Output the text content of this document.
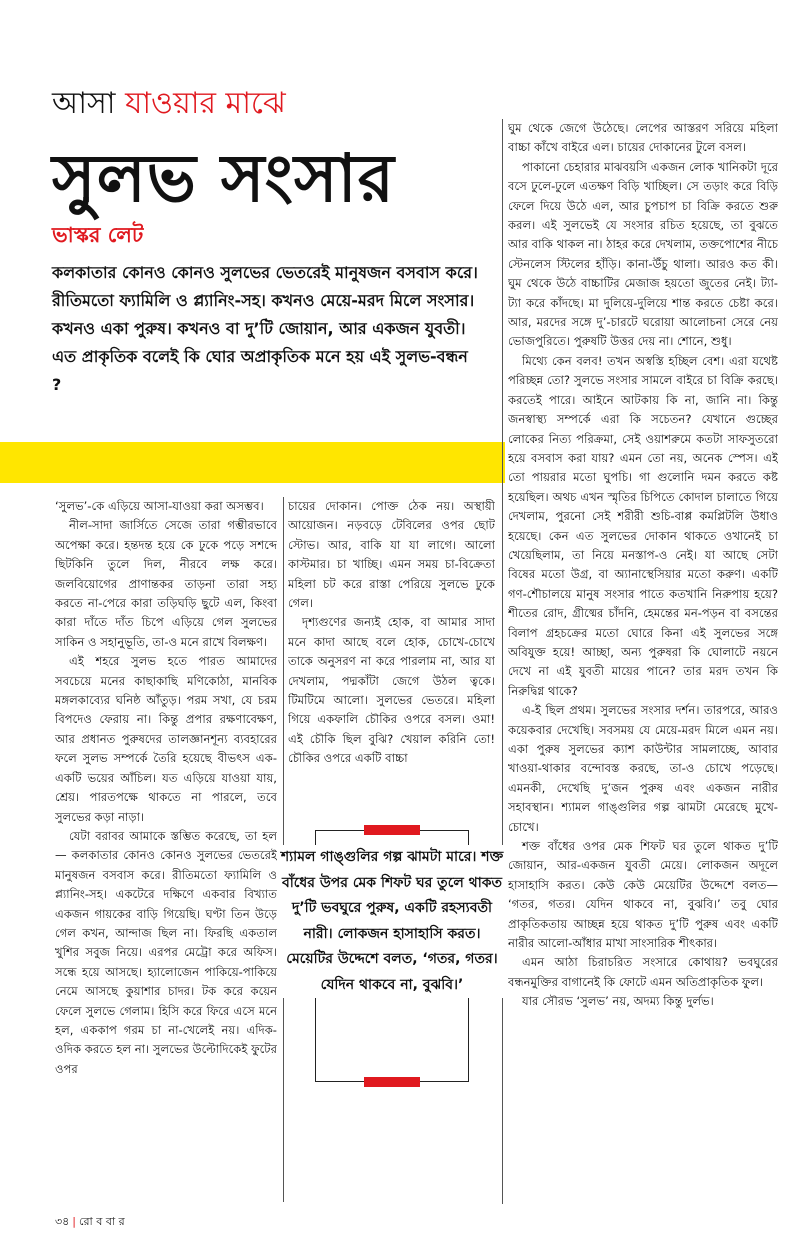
আসা যাওয়ার মাঝে
সুলভ সংসার
ভাস্কর লেট
কলকাতার কোনও কোনও সুলভের ভেতরেই মানুষজন বসবাস করে। রীতিমতো ফ্যামিলি ও প্ল্যানিং-সহ। কখনও মেয়ে-মরদ মিলে সংসার। কখনও একা পুরুষ। কখনও বা দু’টি জোয়ান, আর একজন যুবতী। এত প্রাকৃতিক বলেই কি ঘোর অপ্রাকৃতিক মনে হয় এই সুলভ-বন্ধন ?

‘সুলভ’-কে এড়িয়ে আসা-যাওয়া করা অসম্ভব।

নীল-সাদা জার্সিতে সেজে তারা গম্ভীরভাবে অপেক্ষা করে। হন্তদন্ত হয়ে কে ঢুকে পড়ে সশব্দে ছিটকিনি তুলে দিল, নীরবে লক্ষ করে। জলবিয়োগের প্রাণান্তকর তাড়না তারা সহ্য করতে না-পেরে কারা তড়িঘড়ি ছুটে এল, কিংবা কারা দাঁতে দাঁত চিপে এড়িয়ে গেল সুলভের সাকিন ও সহানুভূতি, তা-ও মনে রাখে বিলক্ষণ।

এই শহরে সুলভ হতে পারত আমাদের সবচেয়ে মনের কাছাকাছি মণিকোঠা, মানবিক মঙ্গলকাব্যের ঘনিষ্ঠ আঁতুড়। পরম সখা, যে চরম বিপদেও ফেরায় না। কিন্তু প্রপার রক্ষণাবেক্ষণ, আর প্রধানত পুরুষদের তালজ্ঞানশূন্য ব্যবহারের ফলে সুলভ সম্পর্কে তৈরি হয়েছে বীভৎস এক-একটি ভয়ের আঁচিল। যত এড়িয়ে যাওয়া যায়, শ্রেয়। পারতপক্ষে থাকতে না পারলে, তবে সুলভের কড়া নাড়া।

যেটা বরাবর আমাকে স্তম্ভিত করেছে, তা হল— কলকাতার কোনও কোনও সুলভের ভেতরেই মানুষজন বসবাস করে। রীতিমতো ফ্যামিলি ও প্ল্যানিং-সহ। একটেরে দক্ষিণে একবার বিখ্যাত একজন গায়কের বাড়ি গিয়েছি। ঘণ্টা তিন উড়ে গেল কখন, আন্দাজ ছিল না। ফিরছি একতাল খুশির সবুজ নিয়ে। এরপর মেট্রো করে অফিস। সন্ধে হয়ে আসছে। হ্যালোজেন পাকিয়ে-পাকিয়ে নেমে আসছে কুয়াশার চাদর। টক করে কয়েন ফেলে সুলভে গেলাম। হিসি করে ফিরে এসে মনে হল, এককাপ গরম চা না-খেলেই নয়। এদিক-ওদিক করতে হল না। সুলভের উল্টোদিকেই ফুটের ওপর

চায়ের দোকান। পোক্ত ঠেক নয়। অস্থায়ী আয়োজন। নড়বড়ে টেবিলের ওপর ছোট স্টোভ। আর, বাকি যা যা লাগে। আলো কাস্টমার। চা খাচ্ছি। এমন সময় চা-বিক্রেতা মহিলা চট করে রাস্তা পেরিয়ে সুলভে ঢুকে গেল।

দৃশ্যগুণের জন্যই হোক, বা আমার সাদা মনে কাদা আছে বলে হোক, চোখে-চোখে তাকে অনুসরণ না করে পারলাম না, আর যা দেখলাম, পদ্মকাঁটা জেগে উঠল ত্বকে। টিমটিমে আলো। সুলভের ভেতরে। মহিলা গিয়ে একফালি চৌকির ওপরে বসল। ওমা! এই চৌকি ছিল বুঝি? খেয়াল করিনি তো! চৌকির ওপরে একটি বাচ্চা

শ্যামল গাঙ্গুলির গল্প ঝামটা মারে। শক্ত বাঁধের উপর মেক শিফট ঘর তুলে থাকত দু’টি ভবঘুরে পুরুষ, একটি রহস্যবতী নারী। লোকজন হাসাহাসি করত। মেয়েটির উদ্দেশে বলত, ‘গতর, গতর। যেদিন থাকবে না, বুঝবি।’

ঘুম থেকে জেগে উঠেছে। লেপের আস্তরণ সরিয়ে মহিলা বাচ্চা কাঁখে বাইরে এল। চায়ের দোকানের টুলে বসল।

পাকানো চেহারার মাঝবয়সি একজন লোক খানিকটা দূরে বসে ঢুলে-ঢুলে এতক্ষণ বিড়ি খাচ্ছিল। সে তড়াং করে বিড়ি ফেলে দিয়ে উঠে এল, আর চুপচাপ চা বিক্রি করতে শুরু করল। এই সুলভেই যে সংসার রচিত হয়েছে, তা বুঝতে আর বাকি থাকল না। ঠাহর করে দেখলাম, তক্তপোশের নীচে স্টেনলেস স্টিলের হাঁড়ি। কানা-উঁচু থালা। আরও কত কী। ঘুম থেকে উঠে বাচ্চাটির মেজাজ হয়তো জুতের নেই। ট্যা-ট্যা করে কাঁদছে। মা দুলিয়ে-দুলিয়ে শান্ত করতে চেষ্টা করে। আর, মরদের সঙ্গে দু’-চারটে ঘরোয়া আলোচনা সেরে নেয় ভোজপুরিতে। পুরুষটি উত্তর দেয় না। শোনে, শুধু।

মিথ্যে কেন বলব! তখন অস্বস্তি হচ্ছিল বেশ। এরা যথেষ্ট পরিচ্ছন্ন তো? সুলভে সংসার সামলে বাইরে চা বিক্রি করছে। করতেই পারে। আইনে আটকায় কি না, জানি না। কিন্তু জনস্বাস্থ্য সম্পর্কে এরা কি সচেতন? যেখানে গুচ্ছের লোকের নিত্য পরিক্রমা, সেই ওয়াশরুমে কতটা সাফসুতরো হয়ে বসবাস করা যায়? এমন তো নয়, অনেক স্পেস। এই তো পায়রার মতো ঘুপচি। গা গুলোনি দমন করতে কষ্ট হয়েছিল। অথচ এখন স্মৃতির চিপিতে কোদাল চালাতে গিয়ে দেখলাম, পুরনো সেই শরীরী শুচি-বাপ্প কমপ্লিটলি উধাও হয়েছে। কেন এত সুলভের দোকান থাকতে ওখানেই চা খেয়েছিলাম, তা নিয়ে মনস্তাপ-ও নেই। যা আছে সেটা বিষের মতো উগ্র, বা অ্যানাস্থেসিয়ার মতো করুণ। একটি গণ-শৌচালয়ে মানুষ সংসার পাতে কতখানি নিরুপায় হয়ে? শীতের রোদ, গ্রীষ্মের চাঁদনি, হেমন্তের মন-পড়ন বা বসন্তের বিলাপ গ্রহচক্রের মতো ঘোরে কিনা এই সুলভের সঙ্গে অবিযুক্ত হয়ে! আচ্ছা, অন্য পুরুষরা কি ঘোলাটে নয়নে দেখে না এই যুবতী মায়ের পানে? তার মরদ তখন কি নিরুদ্বিগ্ন থাকে?

এ-ই ছিল প্রথম। সুলভের সংসার দর্শন। তারপরে, আরও কয়েকবার দেখেছি। সবসময় যে মেয়ে-মরদ মিলে এমন নয়। একা পুরুষ সুলভের ক্যাশ কাউন্টার সামলাচ্ছে, আবার খাওয়া-থাকার বন্দোবস্ত করছে, তা-ও চোখে পড়েছে। এমনকী, দেখেছি দু’জন পুরুষ এবং একজন নারীর সহাবস্থান। শ্যামল গাঙ্গুলির গল্প ঝামটা মেরেছে মুখে-চোখে।

শক্ত বাঁধের ওপর মেক শিফট ঘর তুলে থাকত দু’টি জোয়ান, আর-একজন যুবতী মেয়ে। লোকজন অদূলে হাসাহাসি করত। কেউ কেউ মেয়েটির উদ্দেশে বলত— ‘গতর, গতর। যেদিন থাকবে না, বুঝবি।’ তবু ঘোর প্রাকৃতিকতায় আচ্ছন্ন হয়ে থাকত দু’টি পুরুষ এবং একটি নারীর আলো-আঁধার মাখা সাংসারিক শীৎকার।

এমন আঠা চিরাচরিত সংসারে কোথায়? ভবঘুরের বন্ধনমুক্তির বাগানেই কি ফোটে এমন অতিপ্রাকৃতিক ফুল।

যার সৌরভ ‘সুলভ’ নয়, অদম্য কিন্তু দুর্লভ।

৩৪ | রো ব বা র
